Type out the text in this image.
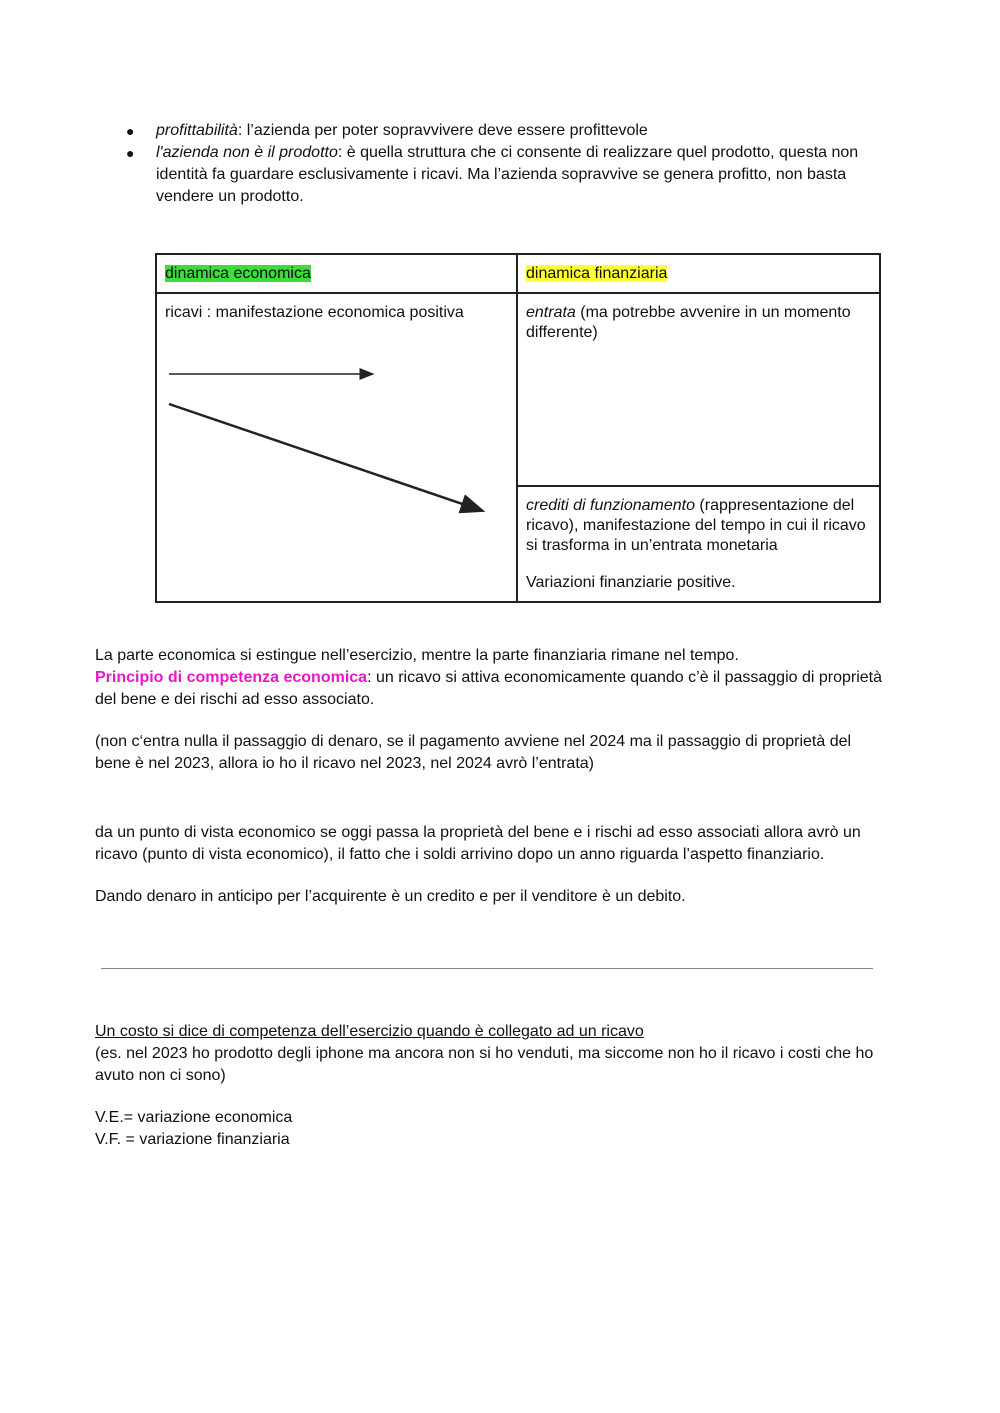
● profittabilità: l’azienda per poter sopravvivere deve essere profittevole
● l'azienda non è il prodotto: è quella struttura che ci consente di realizzare quel prodotto, questa non identità fa guardare esclusivamente i ricavi. Ma l’azienda sopravvive se genera profitto, non basta vendere un prodotto.
dinamica economica	dinamica finanziaria
ricavi : manifestazione economica positiva	entrata (ma potrebbe avvenire in un momento differente)
	crediti di funzionamento (rappresentazione del ricavo), manifestazione del tempo in cui il ricavo si trasforma in un’entrata monetaria
Variazioni finanziarie positive.
La parte economica si estingue nell’esercizio, mentre la parte finanziaria rimane nel tempo.
Principio di competenza economica: un ricavo si attiva economicamente quando c’è il passaggio di proprietà del bene e dei rischi ad esso associato.
(non c‘entra nulla il passaggio di denaro, se il pagamento avviene nel 2024 ma il passaggio di proprietà del bene è nel 2023, allora io ho il ricavo nel 2023, nel 2024 avrò l’entrata)
da un punto di vista economico se oggi passa la proprietà del bene e i rischi ad esso associati allora avrò un ricavo (punto di vista economico), il fatto che i soldi arrivino dopo un anno riguarda l’aspetto finanziario.
Dando denaro in anticipo per l’acquirente è un credito e per il venditore è un debito.
Un costo si dice di competenza dell’esercizio quando è collegato ad un ricavo
(es. nel 2023 ho prodotto degli iphone ma ancora non si ho venduti, ma siccome non ho il ricavo i costi che ho avuto non ci sono)
V.E.= variazione economica
V.F. = variazione finanziaria
